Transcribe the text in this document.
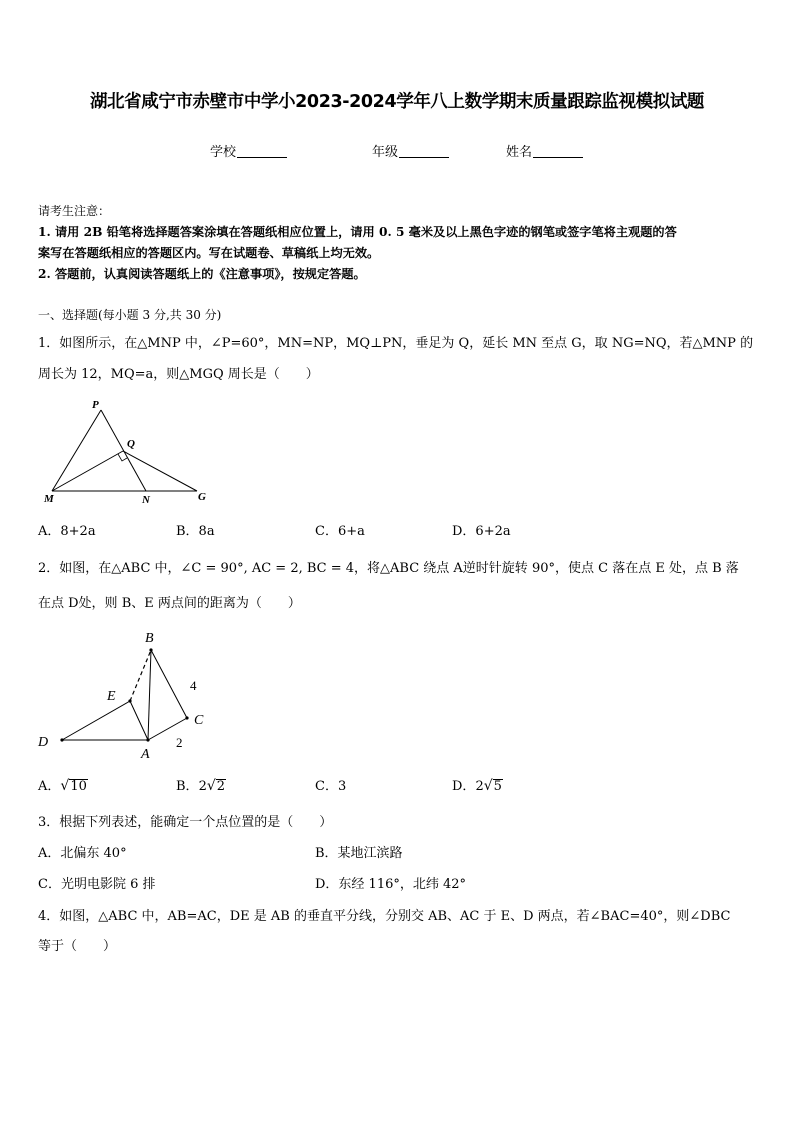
湖北省咸宁市赤壁市中学小2023-2024学年八上数学期末质量跟踪监视模拟试题
学校	年级	姓名
请考生注意：
1. 请用 2B 铅笔将选择题答案涂填在答题纸相应位置上，请用 0. 5 毫米及以上黑色字迹的钢笔或签字笔将主观题的答
案写在答题纸相应的答题区内。写在试题卷、草稿纸上均无效。
2. 答题前，认真阅读答题纸上的《注意事项》，按规定答题。
一、选择题(每小题 3 分,共 30 分)
1．如图所示，在△MNP 中，∠P=60°，MN=NP，MQ⊥PN，垂足为 Q，延长 MN 至点 G，取 NG=NQ，若△MNP 的
周长为 12，MQ=a，则△MGQ 周长是（　　）
P
Q
M	N	G
A．8+2a	B．8a	C．6+a	D．6+2a
2．如图，在△ABC 中，∠C = 90°, AC = 2, BC = 4，将△ABC 绕点 A逆时针旋转 90°，使点 C 落在点 E 处，点 B 落
在点 D处，则 B、E 两点间的距离为（　　）
B
E
4
C
D
A
2
A．√10	B．2√2	C．3	D．2√5
3．根据下列表述，能确定一个点位置的是（　　）
A．北偏东 40°	B．某地江滨路
C．光明电影院 6 排	D．东经 116°，北纬 42°
4．如图，△ABC 中，AB=AC，DE 是 AB 的垂直平分线，分别交 AB、AC 于 E、D 两点，若∠BAC=40°，则∠DBC
等于（　　）
